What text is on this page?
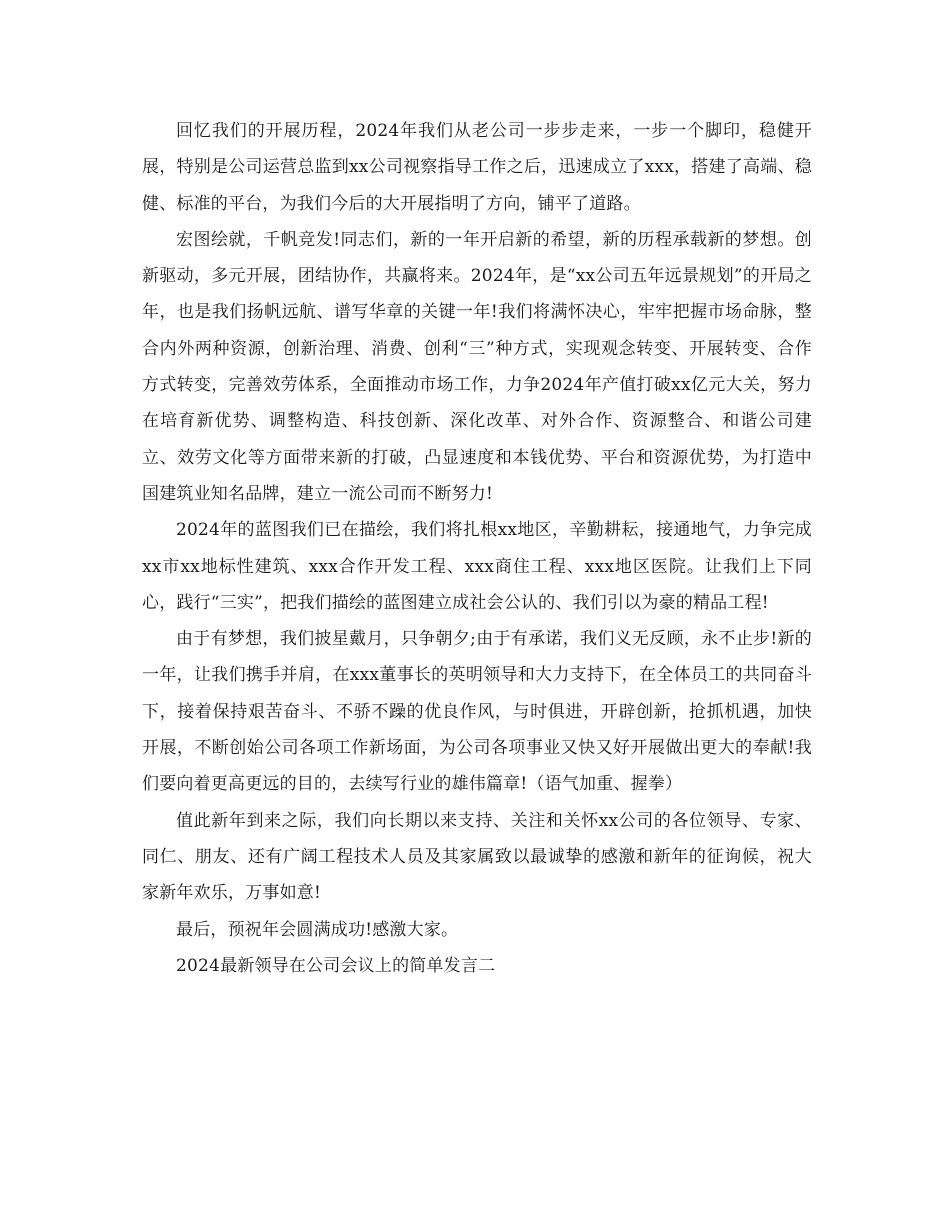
回忆我们的开展历程，2024年我们从老公司一步步走来，一步一个脚印，稳健开展，特别是公司运营总监到xx公司视察指导工作之后，迅速成立了xxx，搭建了高端、稳健、标准的平台，为我们今后的大开展指明了方向，铺平了道路。

宏图绘就，千帆竞发!同志们，新的一年开启新的希望，新的历程承载新的梦想。创新驱动，多元开展，团结协作，共赢将来。2024年，是“xx公司五年远景规划”的开局之年，也是我们扬帆远航、谱写华章的关键一年!我们将满怀决心，牢牢把握市场命脉，整合内外两种资源，创新治理、消费、创利“三”种方式，实现观念转变、开展转变、合作方式转变，完善效劳体系，全面推动市场工作，力争2024年产值打破xx亿元大关，努力在培育新优势、调整构造、科技创新、深化改革、对外合作、资源整合、和谐公司建立、效劳文化等方面带来新的打破，凸显速度和本钱优势、平台和资源优势，为打造中国建筑业知名品牌，建立一流公司而不断努力!

2024年的蓝图我们已在描绘，我们将扎根xx地区，辛勤耕耘，接通地气，力争完成xx市xx地标性建筑、xxx合作开发工程、xxx商住工程、xxx地区医院。让我们上下同心，践行“三实”，把我们描绘的蓝图建立成社会公认的、我们引以为豪的精品工程!

由于有梦想，我们披星戴月，只争朝夕;由于有承诺，我们义无反顾，永不止步!新的一年，让我们携手并肩，在xxx董事长的英明领导和大力支持下，在全体员工的共同奋斗下，接着保持艰苦奋斗、不骄不躁的优良作风，与时俱进，开辟创新，抢抓机遇，加快开展，不断创始公司各项工作新场面，为公司各项事业又快又好开展做出更大的奉献!我们要向着更高更远的目的，去续写行业的雄伟篇章!（语气加重、握拳）

值此新年到来之际，我们向长期以来支持、关注和关怀xx公司的各位领导、专家、同仁、朋友、还有广阔工程技术人员及其家属致以最诚挚的感激和新年的征询候，祝大家新年欢乐，万事如意!

最后，预祝年会圆满成功!感激大家。

2024最新领导在公司会议上的简单发言二
